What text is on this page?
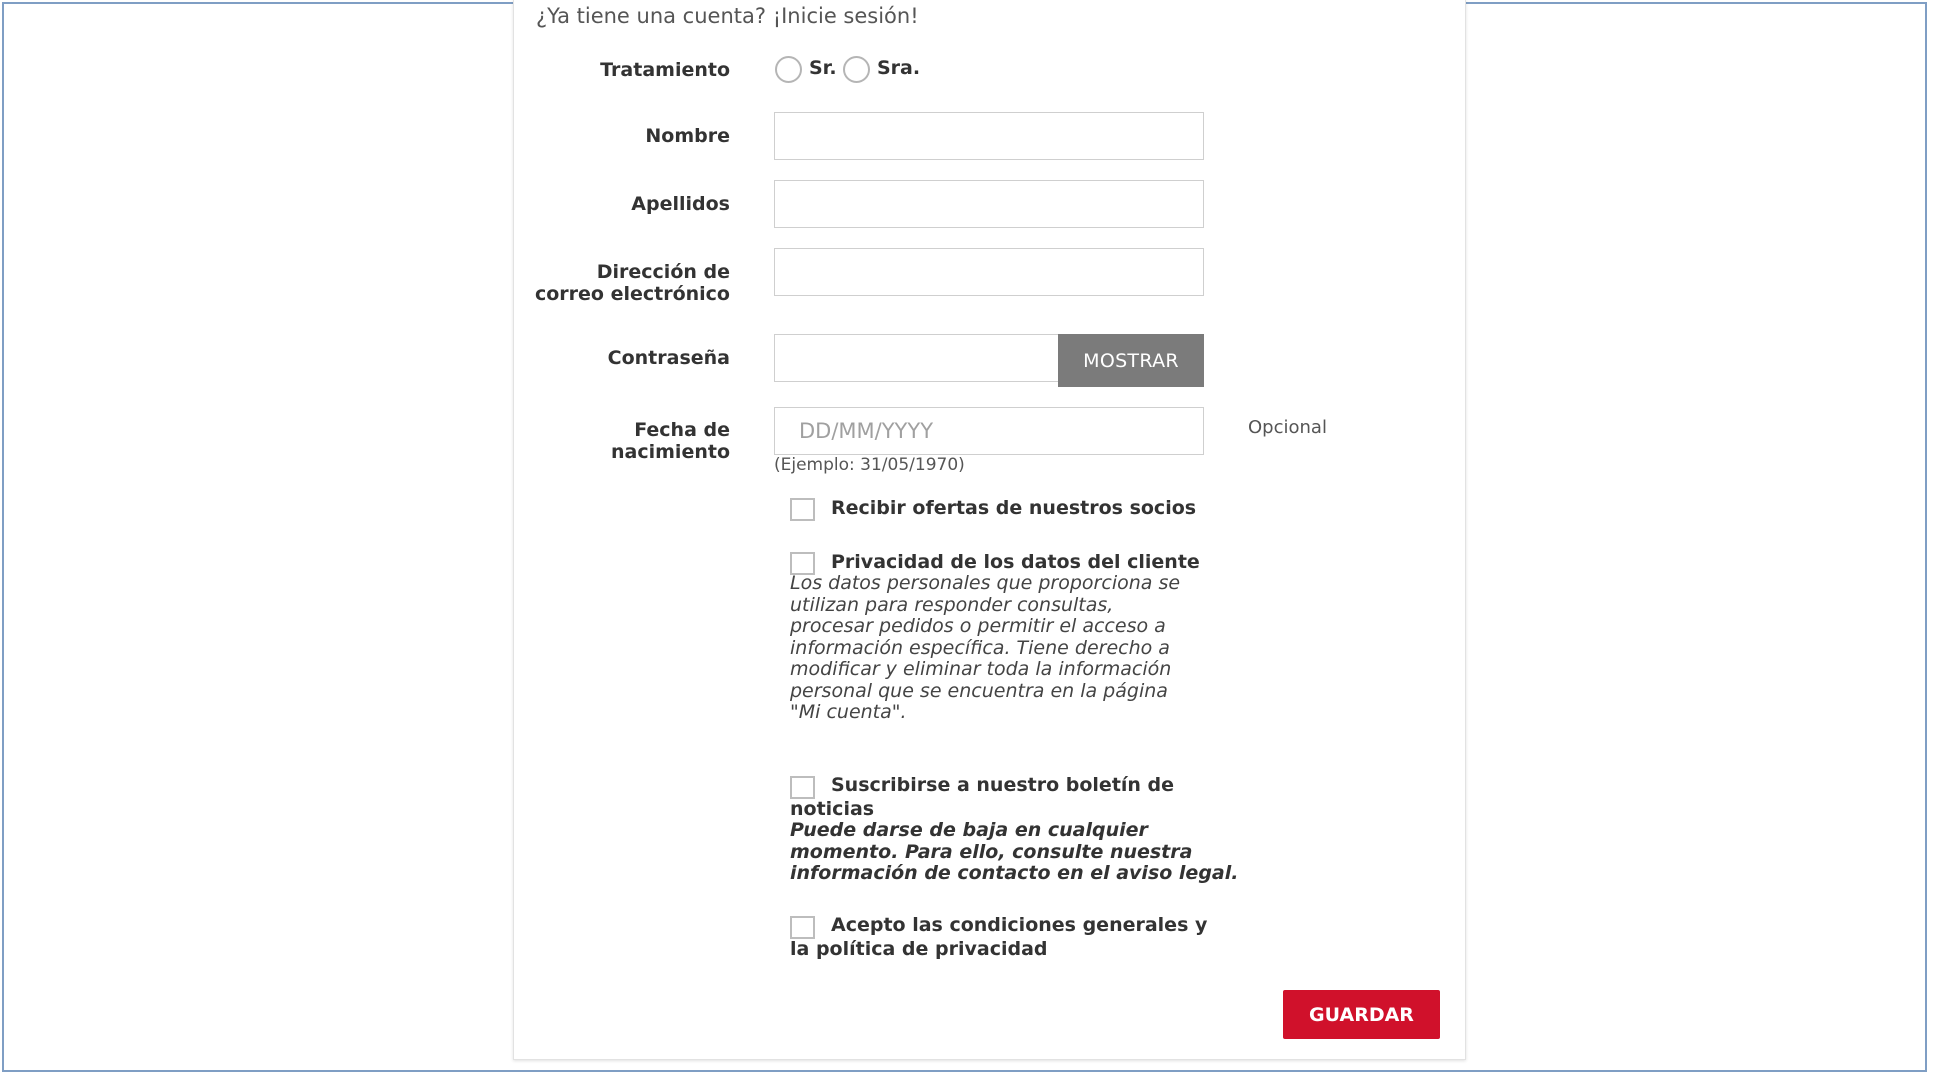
¿Ya tiene una cuenta? ¡Inicie sesión!
Tratamiento	Sr. Sra.
Nombre
Apellidos
Dirección de
correo electrónico
Contraseña	MOSTRAR
Fecha de
nacimiento
DD/MM/YYYY
Opcional
(Ejemplo: 31/05/1970)
Recibir ofertas de nuestros socios
Privacidad de los datos del cliente
Los datos personales que proporciona se
utilizan para responder consultas,
procesar pedidos o permitir el acceso a
información específica. Tiene derecho a
modificar y eliminar toda la información
personal que se encuentra en la página
"Mi cuenta".
Suscribirse a nuestro boletín de
noticias
Puede darse de baja en cualquier
momento. Para ello, consulte nuestra
información de contacto en el aviso legal.
Acepto las condiciones generales y
la política de privacidad
GUARDAR
